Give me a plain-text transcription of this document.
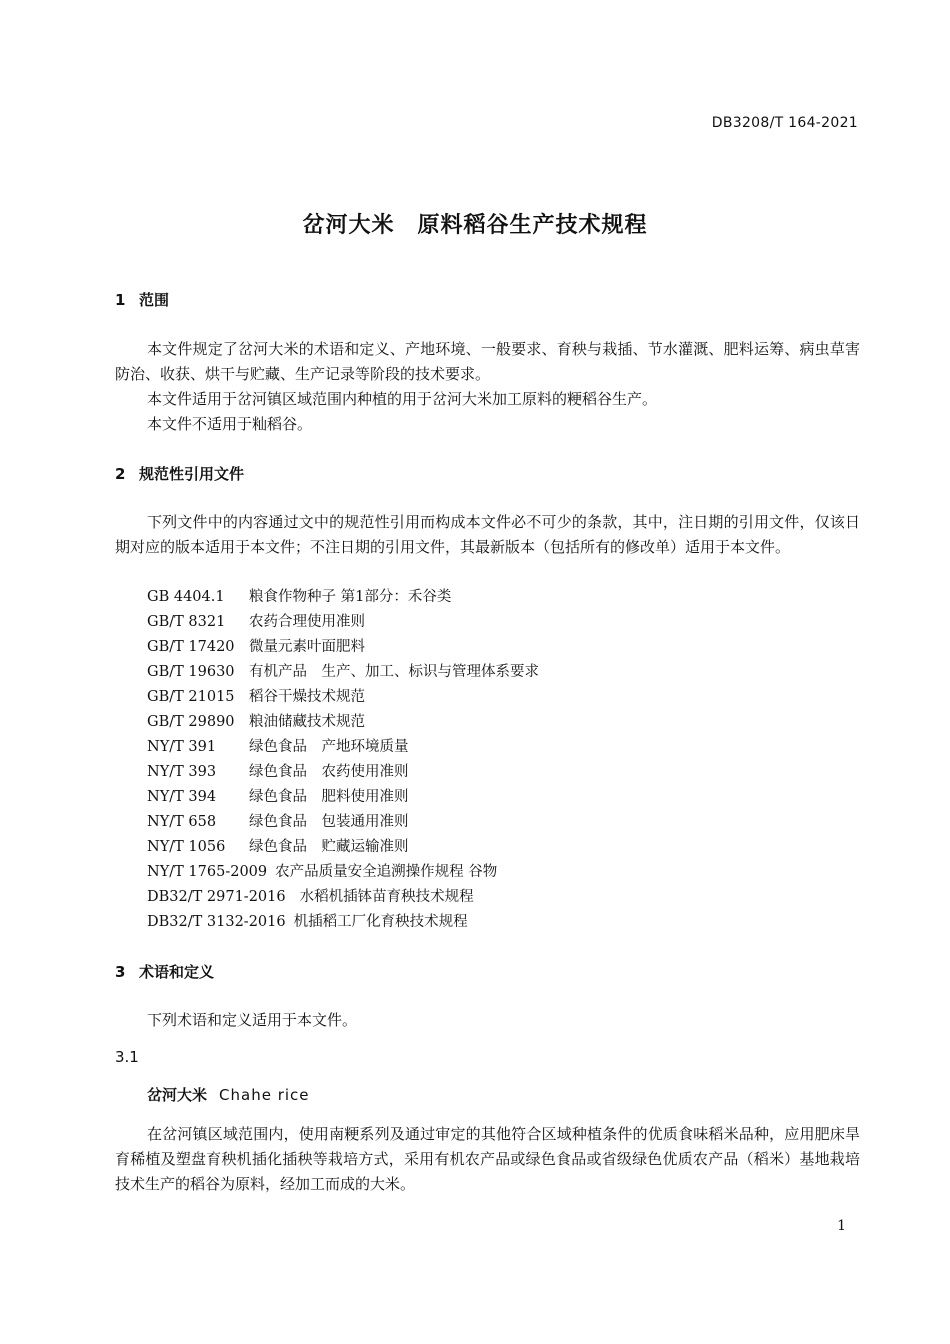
DB3208/T 164-2021
岔河大米　原料稻谷生产技术规程
1 范围

本文件规定了岔河大米的术语和定义、产地环境、一般要求、育秧与栽插、节水灌溉、肥料运筹、病虫草害防治、收获、烘干与贮藏、生产记录等阶段的技术要求。

本文件适用于岔河镇区域范围内种植的用于岔河大米加工原料的粳稻谷生产。

本文件不适用于籼稻谷。

2 规范性引用文件

下列文件中的内容通过文中的规范性引用而构成本文件必不可少的条款，其中，注日期的引用文件，仅该日期对应的版本适用于本文件；不注日期的引用文件，其最新版本（包括所有的修改单）适用于本文件。

GB 4404.1 粮食作物种子 第1部分：禾谷类
GB/T 8321 农药合理使用准则
GB/T 17420 微量元素叶面肥料
GB/T 19630 有机产品　生产、加工、标识与管理体系要求
GB/T 21015 稻谷干燥技术规范
GB/T 29890 粮油储藏技术规范
NY/T 391 绿色食品　产地环境质量
NY/T 393 绿色食品　农药使用准则
NY/T 394 绿色食品　肥料使用准则
NY/T 658 绿色食品　包装通用准则
NY/T 1056 绿色食品　贮藏运输准则
NY/T 1765-2009 农产品质量安全追溯操作规程 谷物
DB32/T 2971-2016 水稻机插钵苗育秧技术规程
DB32/T 3132-2016 机插稻工厂化育秧技术规程
3 术语和定义

下列术语和定义适用于本文件。

3.1
岔河大米 Chahe rice

在岔河镇区域范围内，使用南粳系列及通过审定的其他符合区域种植条件的优质食味稻米品种，应用肥床旱育稀植及塑盘育秧机插化插秧等栽培方式，采用有机农产品或绿色食品或省级绿色优质农产品（稻米）基地栽培技术生产的稻谷为原料，经加工而成的大米。

1
